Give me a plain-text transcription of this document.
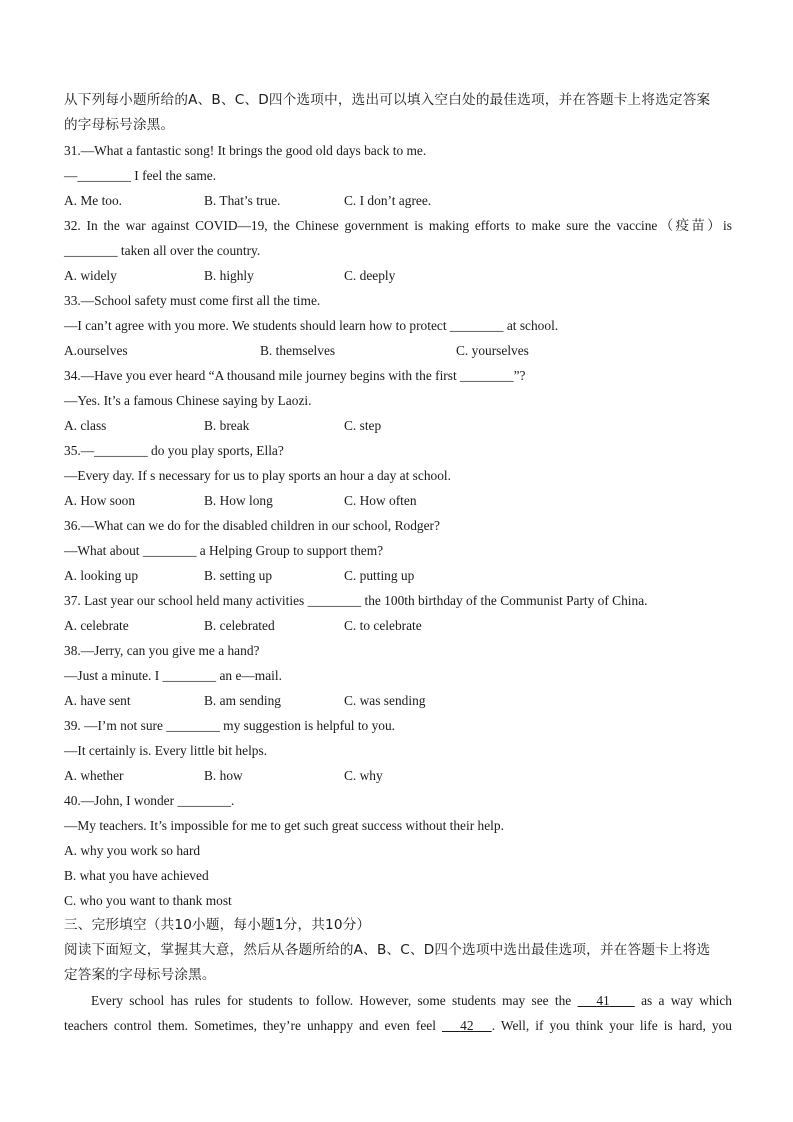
从下列每小题所给的A、B、C、D四个选项中，选出可以填入空白处的最佳选项，并在答题卡上将选定答案
的字母标号涂黑。
31.—What a fantastic song! It brings the good old days back to me.
—________ I feel the same.
A. Me too.	B. That’s true.	C. I don’t agree.
32. In the war against COVID—19, the Chinese government is making efforts to make sure the vaccine（疫苗）is
________ taken all over the country.
A. widely	B. highly	C. deeply
33.—School safety must come first all the time.
—I can’t agree with you more. We students should learn how to protect ________ at school.
A.ourselves	B. themselves	C. yourselves
34.—Have you ever heard “A thousand mile journey begins with the first ________”?
—Yes. It’s a famous Chinese saying by Laozi.
A. class	B. break	C. step
35.—________ do you play sports, Ella?
—Every day. If s necessary for us to play sports an hour a day at school.
A. How soon	B. How long	C. How often
36.—What can we do for the disabled children in our school, Rodger?
—What about ________ a Helping Group to support them?
A. looking up	B. setting up	C. putting up
37. Last year our school held many activities ________ the 100th birthday of the Communist Party of China.
A. celebrate	B. celebrated	C. to celebrate
38.—Jerry, can you give me a hand?
—Just a minute. I ________ an e—mail.
A. have sent	B. am sending	C. was sending
39. —I’m not sure ________ my suggestion is helpful to you.
—It certainly is. Every little bit helps.
A. whether	B. how	C. why
40.—John, I wonder ________.
—My teachers. It’s impossible for me to get such great success without their help.
A. why you work so hard
B. what you have achieved
C. who you want to thank most
三、完形填空（共10小题，每小题1分，共10分）
阅读下面短文，掌握其大意，然后从各题所给的A、B、C、D四个选项中选出最佳选项，并在答题卡上将选
定答案的字母标号涂黑。
Every school has rules for students to follow. However, some students may see the 41 as a way which
teachers control them. Sometimes, they’re unhappy and even feel 42 . Well, if you think your life is hard, you
